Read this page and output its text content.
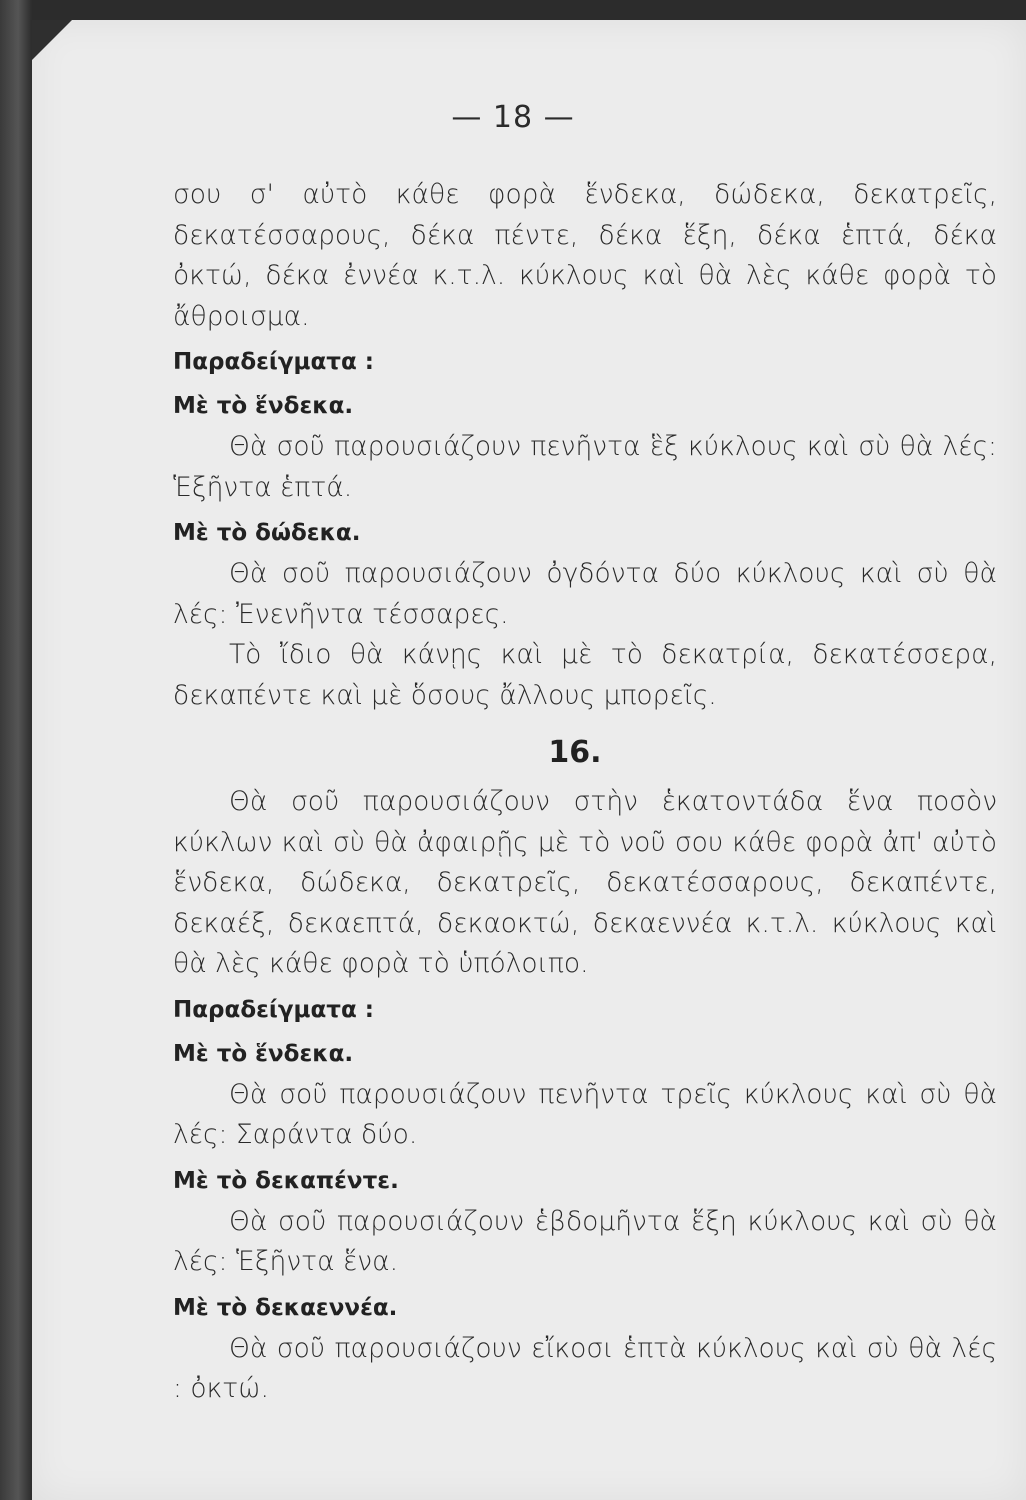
— 18 —

σου σ' αὐτὸ κάθε φορὰ ἕνδεκα, δώδεκα, δεκατρεῖς, δεκατέσσαρους, δέκα πέντε, δέκα ἕξη, δέκα ἑπτά, δέκα ὀκτώ, δέκα ἐννέα κ.τ.λ. κύκλους καὶ θὰ λὲς κάθε φορὰ τὸ ἄθροισμα.

Παραδείγματα :
Μὲ τὸ ἕνδεκα.

Θὰ σοῦ παρουσιάζουν πενῆντα ἓξ κύκλους καὶ σὺ θὰ λές: Ἑξῆντα ἑπτά.

Μὲ τὸ δώδεκα.

Θὰ σοῦ παρουσιάζουν ὀγδόντα δύο κύκλους καὶ σὺ θὰ λές: Ἐνενῆντα τέσσαρες.

Τὸ ἴδιο θὰ κάνῃς καὶ μὲ τὸ δεκατρία, δεκατέσσερα, δεκαπέντε καὶ μὲ ὅσους ἄλλους μπορεῖς.

16.

Θὰ σοῦ παρουσιάζουν στὴν ἑκατοντάδα ἕνα ποσὸν κύκλων καὶ σὺ θὰ ἀφαιρῇς μὲ τὸ νοῦ σου κάθε φορὰ ἀπ' αὐτὸ ἕνδεκα, δώδεκα, δεκατρεῖς, δεκατέσσαρους, δεκαπέντε, δεκαέξ, δεκαεπτά, δεκαοκτώ, δεκαεννέα κ.τ.λ. κύκλους καὶ θὰ λὲς κάθε φορὰ τὸ ὑπόλοιπο.

Παραδείγματα :
Μὲ τὸ ἕνδεκα.

Θὰ σοῦ παρουσιάζουν πενῆντα τρεῖς κύκλους καὶ σὺ θὰ λές: Σαράντα δύο.

Μὲ τὸ δεκαπέντε.

Θὰ σοῦ παρουσιάζουν ἑβδομῆντα ἕξη κύκλους καὶ σὺ θὰ λές: Ἑξῆντα ἕνα.

Μὲ τὸ δεκαεννέα.

Θὰ σοῦ παρουσιάζουν εἴκοσι ἑπτὰ κύκλους καὶ σὺ θὰ λές : ὀκτώ.
